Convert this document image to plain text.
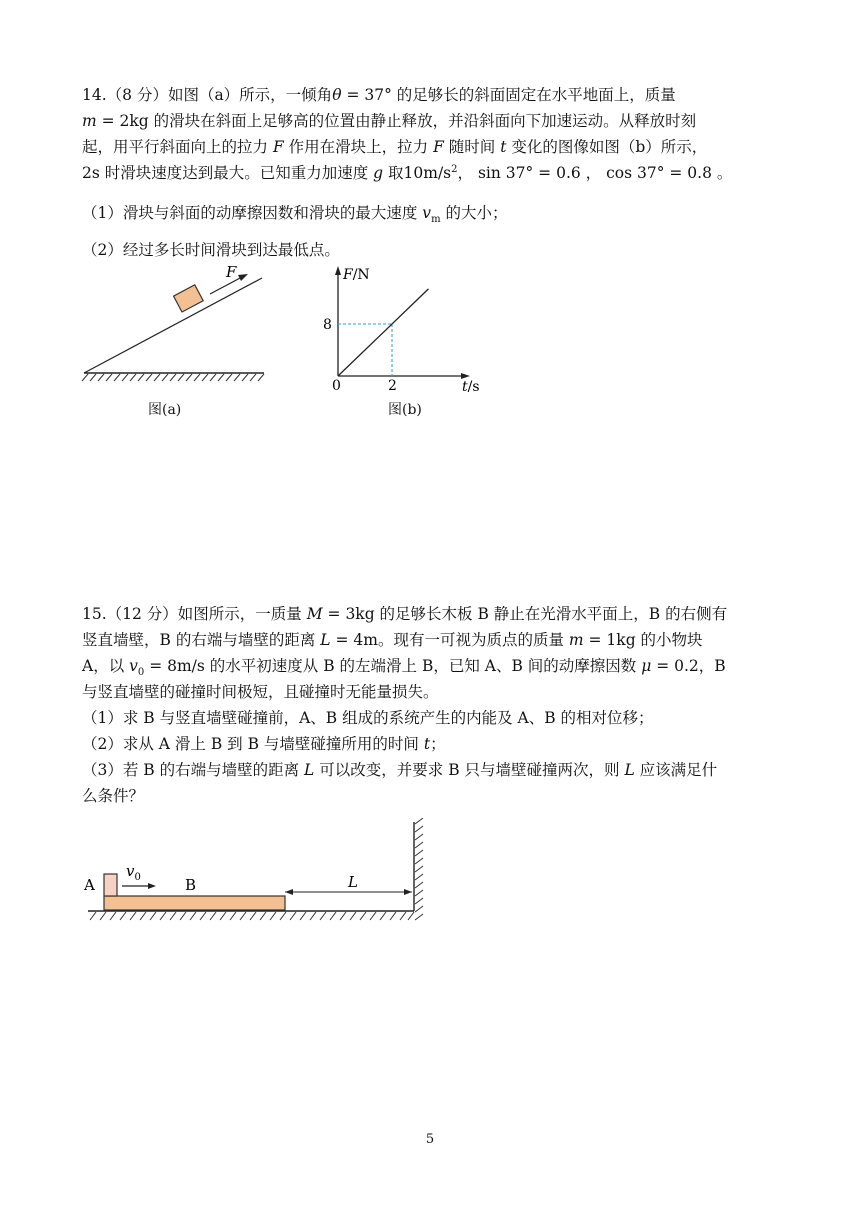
14.（8 分）如图（a）所示，一倾角θ = 37° 的足够长的斜面固定在水平地面上，质量

m = 2kg 的滑块在斜面上足够高的位置由静止释放，并沿斜面向下加速运动。从释放时刻

起，用平行斜面向上的拉力 F 作用在滑块上，拉力 F 随时间 t 变化的图像如图（b）所示，

2s 时滑块速度达到最大。已知重力加速度 g 取$10m/s^2$， sin 37° = 0.6 ， cos 37° = 0.8 。

（1）滑块与斜面的动摩擦因数和滑块的最大速度 $v_m$ 的大小；

（2）经过多长时间滑块到达最低点。

F
图(a)
F/N
t/s
0	2
8
图(b)

15.（12 分）如图所示，一质量 M = 3kg 的足够长木板 B 静止在光滑水平面上，B 的右侧有

竖直墙壁，B 的右端与墙壁的距离 L = 4m。现有一可视为质点的质量 m = 1kg 的小物块

A，以 $v_0 = 8m/s$ 的水平初速度从 B 的左端滑上 B，已知 A、B 间的动摩擦因数 μ = 0.2，B

与竖直墙壁的碰撞时间极短，且碰撞时无能量损失。

（1）求 B 与竖直墙壁碰撞前，A、B 组成的系统产生的内能及 A、B 的相对位移；

（2）求从 A 滑上 B 到 B 与墙壁碰撞所用的时间 t；

（3）若 B 的右端与墙壁的距离 L 可以改变，并要求 B 只与墙壁碰撞两次，则 L 应该满足什

么条件？

A	B
$v_0$	L
5
